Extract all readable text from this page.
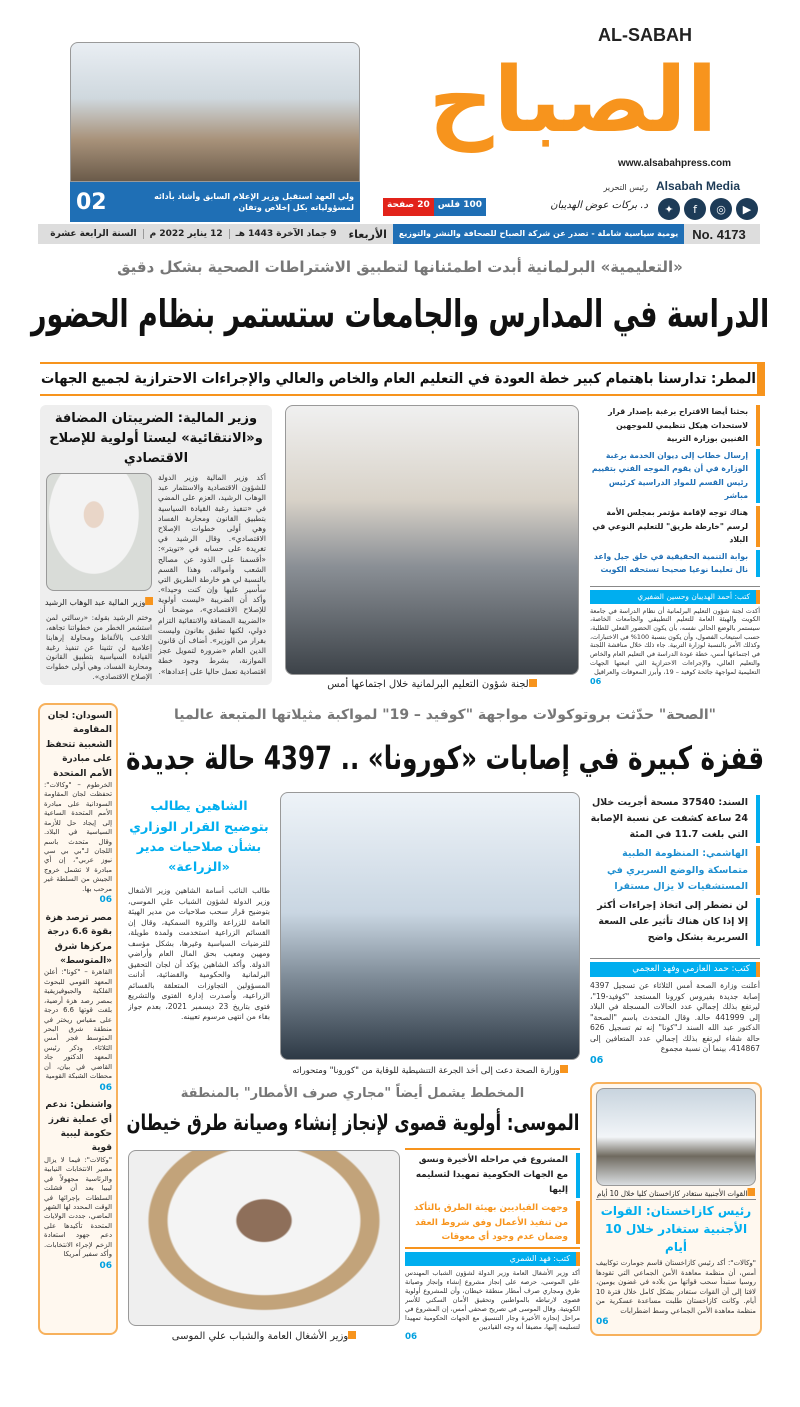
ولي العهد استقبل وزير الإعلام السابق وأشاد بأدائه لمسؤولياته بكل إخلاص وتفان
02
AL-SABAH
الصباح
www.alsabahpress.com
100 فلس
20 صفحة
رئيس التحرير
د. بركات عوض الهديبان
Alsabah Media
▶
◎
f
✦
No. 4173
يومية سياسية شاملة - تصدر عن شركة الصباح للصحافة والنشر والتوزيع
الأربعاء
9 جماد الآخرة 1443 هـ
12 يناير 2022 م
السنة الرابعة عشرة
«التعليمية» البرلمانية أبدت اطمئنانها لتطبيق الاشتراطات الصحية بشكل دقيق
الدراسة في المدارس والجامعات ستستمر بنظام الحضور
المطر: تدارسنا باهتمام كبير خطة العودة في التعليم العام والخاص والعالي والإجراءات الاحترازية لجميع الجهات
وزير المالية: الضريبتان المضافة و«الانتقائية» ليستا أولوية للإصلاح الاقتصادي
وزير المالية عبد الوهاب الرشيد
أكد وزير المالية وزير الدولة للشؤون الاقتصادية والاستثمار عبد الوهاب الرشيد، العزم على المضي في «تنفيذ رغبة القيادة السياسية بتطبيق القانون ومحاربة الفساد وهي أولى خطوات الإصلاح الاقتصادي». وقال الرشيد في تغريدة على حسابه في «تويتر»: «أقسمنا على الذود عن مصالح الشعب وأمواله، وهذا القسم بالنسبة لي هو خارطة الطريق التي سأسير عليها وإن كنت وحيدا». وأكد أن الضريبة «ليست أولوية للإصلاح الاقتصادي»، موضحا أن «الضريبة المضافة والانتقائية التزام دولي، لكنها تطبق بقانون وليست بقرار من الوزير». أضاف أن قانون الدين العام «ضرورة لتمويل عجز الموازنة، بشرط وجود خطة اقتصادية تعمل حاليا على إعدادها».
وختم الرشيد بقوله: «رسالتي لمن استشعر الخطر من خطواتنا تجاهه، التلاعب بالألفاظ ومحاولة إرهابنا إعلامية لن تثنينا عن تنفيذ رغبة القيادة السياسية بتطبيق القانون ومحاربة الفساد، وهي أولى خطوات الإصلاح الاقتصادي».
لجنة شؤون التعليم البرلمانية خلال اجتماعها أمس
بحثنا أيضا الاقتراح برغبة بإصدار قرار لاستحداث هيكل تنظيمي للموجهين الفنيين بوزارة التربية
إرسال خطاب إلى ديوان الخدمة برغبة الوزارة في أن يقوم الموجه الفني بتقييم رئيس القسم للمواد الدراسية كرئيس مباشر
هناك توجه لإقامة مؤتمر بمجلس الأمة لرسم "خارطة طريق" للتعليم النوعي في البلاد
بوابة التنمية الحقيقية في خلق جيل واعد نال تعليما نوعيا صحيحا تستحقه الكويت
كتب: أحمد الهديبان وحسين الضفيري
أكدت لجنة شؤون التعليم البرلمانية أن نظام الدراسة في جامعة الكويت والهيئة العامة للتعليم التطبيقي والجامعات الخاصة، سيستمر بالوضع الحالي نفسه، بأن يكون الحضور الفعلي للطلبة، حسب استيعاب الفصول، وأن يكون بنسبة 100% في الاختبارات، وكذلك الأمر بالنسبة لوزارة التربية. جاء ذلك خلال مناقشة اللجنة في اجتماعها أمس، خطة عودة الدراسة في التعليم العام والخاص والتعليم العالي، والإجراءات الاحترازية التي اتبعتها الجهات التعليمية لمواجهة جائحة كوفيد – 19، وأبرز المعوقات والعراقيل
06
السودان: لجان المقاومة الشعبية تتحفظ على مبادرة الأمم المتحدة
الخرطوم – "وكالات": تحفظت لجان المقاومة السودانية على مبادرة الأمم المتحدة الساعية إلى إيجاد حل للأزمة السياسية في البلاد. وقال متحدث باسم اللجان لـ"بي بي سي نيوز عربي"، إن أي مبادرة لا تشمل خروج الجيش من السلطة غير مرحب بها.
06
مصر ترصد هزة بقوة 6.6 درجة مركزها شرق «المتوسط»
القاهرة – "كونا": أعلن المعهد القومي للبحوث الفلكية والجيوفيزيقية بمصر رصد هزة أرضية، بلغت قوتها 6.6 درجة على مقياس ريختر في منطقة شرق البحر المتوسط فجر أمس الثلاثاء. وذكر رئيس المعهد الدكتور جاد القاضي في بيان، أن محطات الشبكة القومية
06
واشنطن: ندعم أي عملية تفرز حكومة ليبية قوية
"وكالات": فيما لا يزال مصير الانتخابات النيابية والرئاسية مجهولاً في ليبيا بعد أن فشلت السلطات بإجرائها في الوقت المحدد لها الشهر الماضي، جددت الولايات المتحدة تأكيدها على دعم جهود استعادة الزخم لإجراء الانتخابات. وأكد سفير أمريكا
06
"الصحة" حدّثت بروتوكولات مواجهة "كوفيد – 19" لمواكبة مثيلاتها المتبعة عالميا
قفزة كبيرة في إصابات «كورونا» .. 4397 حالة جديدة
الشاهين يطالب بتوضيح القرار الوزاري بشأن صلاحيات مدير «الزراعة»
طالب النائب أسامة الشاهين وزير الأشغال وزير الدولة لشؤون الشباب علي الموسى، بتوضيح قرار سحب صلاحيات من مدير الهيئة العامة للزراعة والثروة السمكية، وقال إن القسائم الزراعية استخدمت ولمدة طويلة، للترضيات السياسية وغيرها، بشكل مؤسف ومهين ومعيب بحق المال العام وأراضي الدولة. وأكد الشاهين يؤكد أن لجان التحقيق البرلمانية والحكومية والقضائية، أدانت المسؤولين التجاوزات المتعلقة بالقسائم الزراعية، وأصدرت إدارة الفتوى والتشريع فتوى بتاريخ 23 ديسمبر 2021، بعدم جواز بقاء من انتهى مرسوم تعيينه.
وزارة الصحة دعت إلى أخذ الجرعة التنشيطية للوقاية من "كورونا" ومتحوراته
السند: 37540 مسحة أجريت خلال 24 ساعة كشفت عن نسبة الإصابة التي بلغت 11.7 في المئة
الهاشمي: المنظومة الطبية متماسكة والوضع السريري في المستشفيات لا يزال مستقرا
لن نضطر إلى اتخاذ إجراءات أكثر إلا إذا كان هناك تأثير على السعة السريرية بشكل واضح
كتب: حمد العازمي وفهد العجمي
أعلنت وزارة الصحة أمس الثلاثاء عن تسجيل 4397 إصابة جديدة بفيروس كورونا المستجد "كوفيد-19"، ليرتفع بذلك إجمالي عدد الحالات المسجلة في البلاد إلى 441999 حالة. وقال المتحدث باسم "الصحة" الدكتور عبد الله السند لـ"كونا" إنه تم تسجيل 626 حالة شفاء ليرتفع بذلك إجمالي عدد المتعافين إلى 414867، بينما أن نسبة مجموع
06
المخطط يشمل أيضاً "مجاري صرف الأمطار" بالمنطقة
الموسى: أولوية قصوى لإنجاز إنشاء وصيانة طرق خيطان
وزير الأشغال العامة والشباب علي الموسى
المشروع في مراحله الأخيرة ونسق مع الجهات الحكومية تمهيدا لتسليمه إليها
وجهت القياديين بهيئة الطرق بالتأكد من تنفيذ الأعمال وفق شروط العقد وضمان عدم وجود أي معوقات
كتب: فهد الشمري
أكد وزير الأشغال العامة وزير الدولة لشؤون الشباب المهندس علي الموسى، حرصه على إنجاز مشروع إنشاء وإنجاز وصيانة طرق ومجاري صرف أمطار منطقة خيطان، وأن للمشروع أولوية قصوى لارتباطه بالمواطنين وتحقيق الأمان السكني للأسر الكويتية. وقال الموسى في تصريح صحفي أمس، إن المشروع في مراحل إنجازه الأخيرة وجار التنسيق مع الجهات الحكومية تمهيدا لتسليمه إليها، مضيفا أنه وجه القياديين
06
القوات الأجنبية ستغادر كازاخستان كليا خلال 10 أيام
رئيس كازاخستان: القوات الأجنبية ستغادر خلال 10 أيام
"وكالات": أكد رئيس كازاخستان قاسم جومارت توكاييف أمس، أن منظمة معاهدة الأمن الجماعي التي تقودها روسيا ستبدأ سحب قواتها من بلاده في غضون يومين، لافتا إلى أن القوات ستغادر بشكل كامل خلال فترة 10 أيام. وكانت كازاخستان طلبت مساعدة عسكرية من منظمة معاهدة الأمن الجماعي وسط اضطرابات
06
